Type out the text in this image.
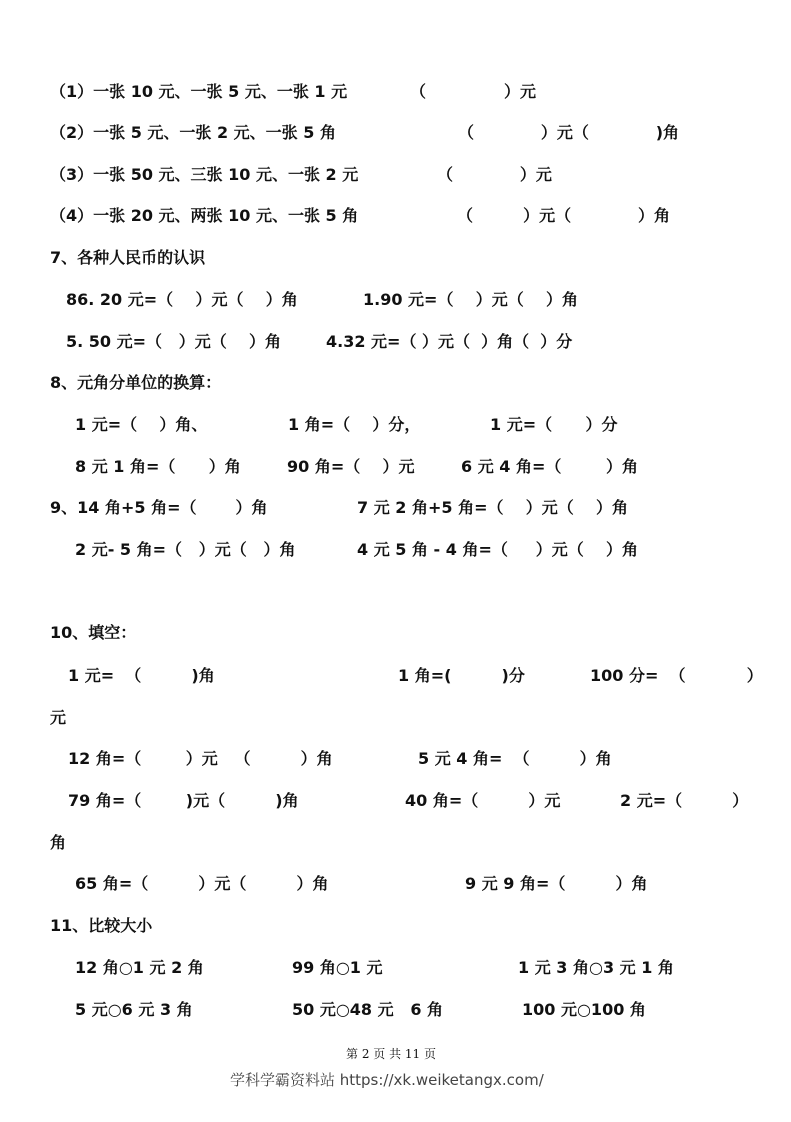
（1）一张 10 元、一张 5 元、一张 1 元	（              ）元
（2）一张 5 元、一张 2 元、一张 5 角	（            ）元（            )角
（3）一张 50 元、三张 10 元、一张 2 元	（            ）元
（4）一张 20 元、两张 10 元、一张 5 角	（         ）元（            ）角
7、各种人民币的认识
86. 20 元=（    ）元（    ）角	1.90 元=（    ）元（    ）角
5. 50 元=（   ）元（    ）角	4.32 元=（ ）元（  ）角（  ）分
8、元角分单位的换算：
1 元=（    ）角、	1 角=（    ）分，	1 元=（      ）分
8 元 1 角=（      ）角	90 角=（    ）元	6 元 4 角=（        ）角
9、14 角+5 角=（       ）角	7 元 2 角+5 角=（    ）元（    ）角
2 元- 5 角=（   ）元（   ）角	4 元 5 角 - 4 角=（     ）元（    ）角
10、填空：
1 元=  （         )角	1 角=(         )分	100 分=  （           ）
元
12 角=（        ）元   （         ）角	5 元 4 角=  （         ）角
79 角=（        )元（         )角	40 角=（         ）元	2 元=（         ）
角
65 角=（         ）元（         ）角	9 元 9 角=（         ）角
11、比较大小
12 角○1 元 2 角	99 角○1 元	1 元 3 角○3 元 1 角
5 元○6 元 3 角	50 元○48 元   6 角	100 元○100 角
第 2 页 共 11 页
学科学霸资料站 https://xk.weiketangx.com/
